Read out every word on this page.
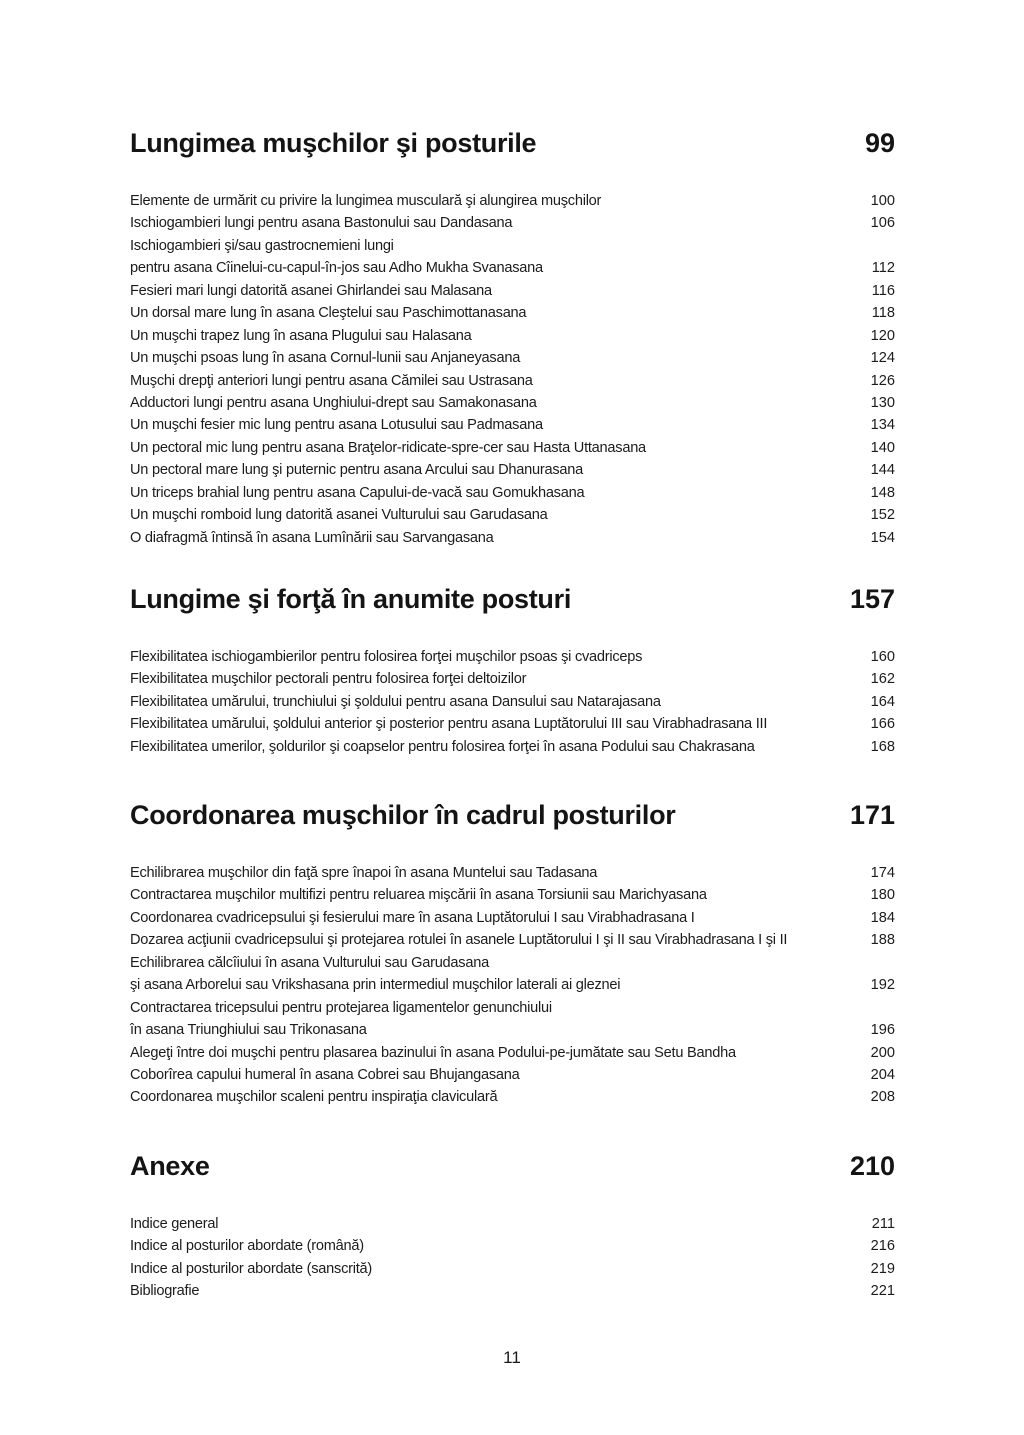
Lungimea muşchilor şi posturile	99
Elemente de urmărit cu privire la lungimea musculară şi alungirea muşchilor	100
Ischiogambieri lungi pentru asana Bastonului sau Dandasana	106
Ischiogambieri şi/sau gastrocnemieni lungi
pentru asana Cîinelui-cu-capul-în-jos sau Adho Mukha Svanasana	112
Fesieri mari lungi datorită asanei Ghirlandei sau Malasana	116
Un dorsal mare lung în asana Cleştelui sau Paschimottanasana	118
Un muşchi trapez lung în asana Plugului sau Halasana	120
Un muşchi psoas lung în asana Cornul-lunii sau Anjaneyasana	124
Muşchi drepţi anteriori lungi pentru asana Cămilei sau Ustrasana	126
Adductori lungi pentru asana Unghiului-drept sau Samakonasana	130
Un muşchi fesier mic lung pentru asana Lotusului sau Padmasana	134
Un pectoral mic lung pentru asana Braţelor-ridicate-spre-cer sau Hasta Uttanasana	140
Un pectoral mare lung şi puternic pentru asana Arcului sau Dhanurasana	144
Un triceps brahial lung pentru asana Capului-de-vacă sau Gomukhasana	148
Un muşchi romboid lung datorită asanei Vulturului sau Garudasana	152
O diafragmă întinsă în asana Lumînării sau Sarvangasana	154
Lungime şi forţă în anumite posturi	157
Flexibilitatea ischiogambierilor pentru folosirea forţei muşchilor psoas şi cvadriceps	160
Flexibilitatea muşchilor pectorali pentru folosirea forţei deltoizilor	162
Flexibilitatea umărului, trunchiului şi şoldului pentru asana Dansului sau Natarajasana	164
Flexibilitatea umărului, şoldului anterior şi posterior pentru asana Luptătorului III sau Virabhadrasana III	166
Flexibilitatea umerilor, şoldurilor şi coapselor pentru folosirea forţei în asana Podului sau Chakrasana	168
Coordonarea muşchilor în cadrul posturilor	171
Echilibrarea muşchilor din faţă spre înapoi în asana Muntelui sau Tadasana	174
Contractarea muşchilor multifizi pentru reluarea mişcării în asana Torsiunii sau Marichyasana	180
Coordonarea cvadricepsului şi fesierului mare în asana Luptătorului I sau Virabhadrasana I	184
Dozarea acţiunii cvadricepsului şi protejarea rotulei în asanele Luptătorului I şi II sau Virabhadrasana I şi II	188
Echilibrarea călcîiului în asana Vulturului sau Garudasana
şi asana Arborelui sau Vrikshasana prin intermediul muşchilor laterali ai gleznei	192
Contractarea tricepsului pentru protejarea ligamentelor genunchiului
în asana Triunghiului sau Trikonasana	196
Alegeţi între doi muşchi pentru plasarea bazinului în asana Podului-pe-jumătate sau Setu Bandha	200
Coborîrea capului humeral în asana Cobrei sau Bhujangasana	204
Coordonarea muşchilor scaleni pentru inspiraţia claviculară	208
Anexe	210
Indice general	211
Indice al posturilor abordate (română)	216
Indice al posturilor abordate (sanscrită)	219
Bibliografie	221
11
